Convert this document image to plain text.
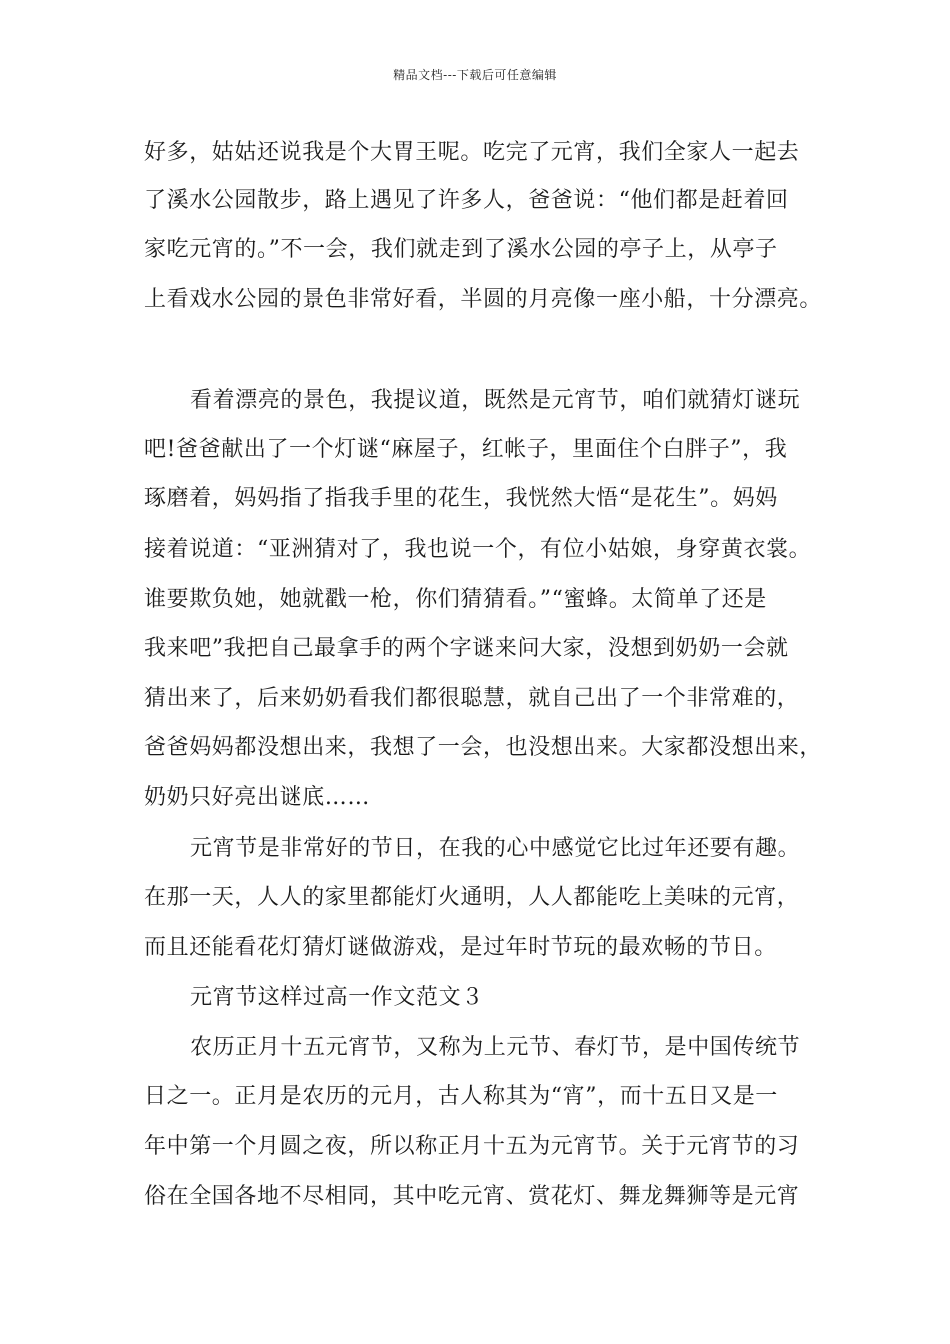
精品文档---下载后可任意编辑
好多，姑姑还说我是个大胃王呢。吃完了元宵，我们全家人一起去
了溪水公园散步，路上遇见了许多人，爸爸说：“他们都是赶着回
家吃元宵的。”不一会，我们就走到了溪水公园的亭子上，从亭子
上看戏水公园的景色非常好看，半圆的月亮像一座小船，十分漂亮。
看着漂亮的景色，我提议道，既然是元宵节，咱们就猜灯谜玩
吧!爸爸献出了一个灯谜“麻屋子，红帐子，里面住个白胖子”，我
琢磨着，妈妈指了指我手里的花生，我恍然大悟“是花生”。妈妈
接着说道：“亚洲猜对了，我也说一个，有位小姑娘，身穿黄衣裳。
谁要欺负她，她就戳一枪，你们猜猜看。”“蜜蜂。太简单了还是
我来吧”我把自己最拿手的两个字谜来问大家，没想到奶奶一会就
猜出来了，后来奶奶看我们都很聪慧，就自己出了一个非常难的，
爸爸妈妈都没想出来，我想了一会，也没想出来。大家都没想出来，
奶奶只好亮出谜底……
元宵节是非常好的节日，在我的心中感觉它比过年还要有趣。
在那一天，人人的家里都能灯火通明，人人都能吃上美味的元宵，
而且还能看花灯猜灯谜做游戏，是过年时节玩的最欢畅的节日。
元宵节这样过高一作文范文３
农历正月十五元宵节，又称为上元节、春灯节，是中国传统节
日之一。正月是农历的元月，古人称其为“宵”，而十五日又是一
年中第一个月圆之夜，所以称正月十五为元宵节。关于元宵节的习
俗在全国各地不尽相同，其中吃元宵、赏花灯、舞龙舞狮等是元宵
